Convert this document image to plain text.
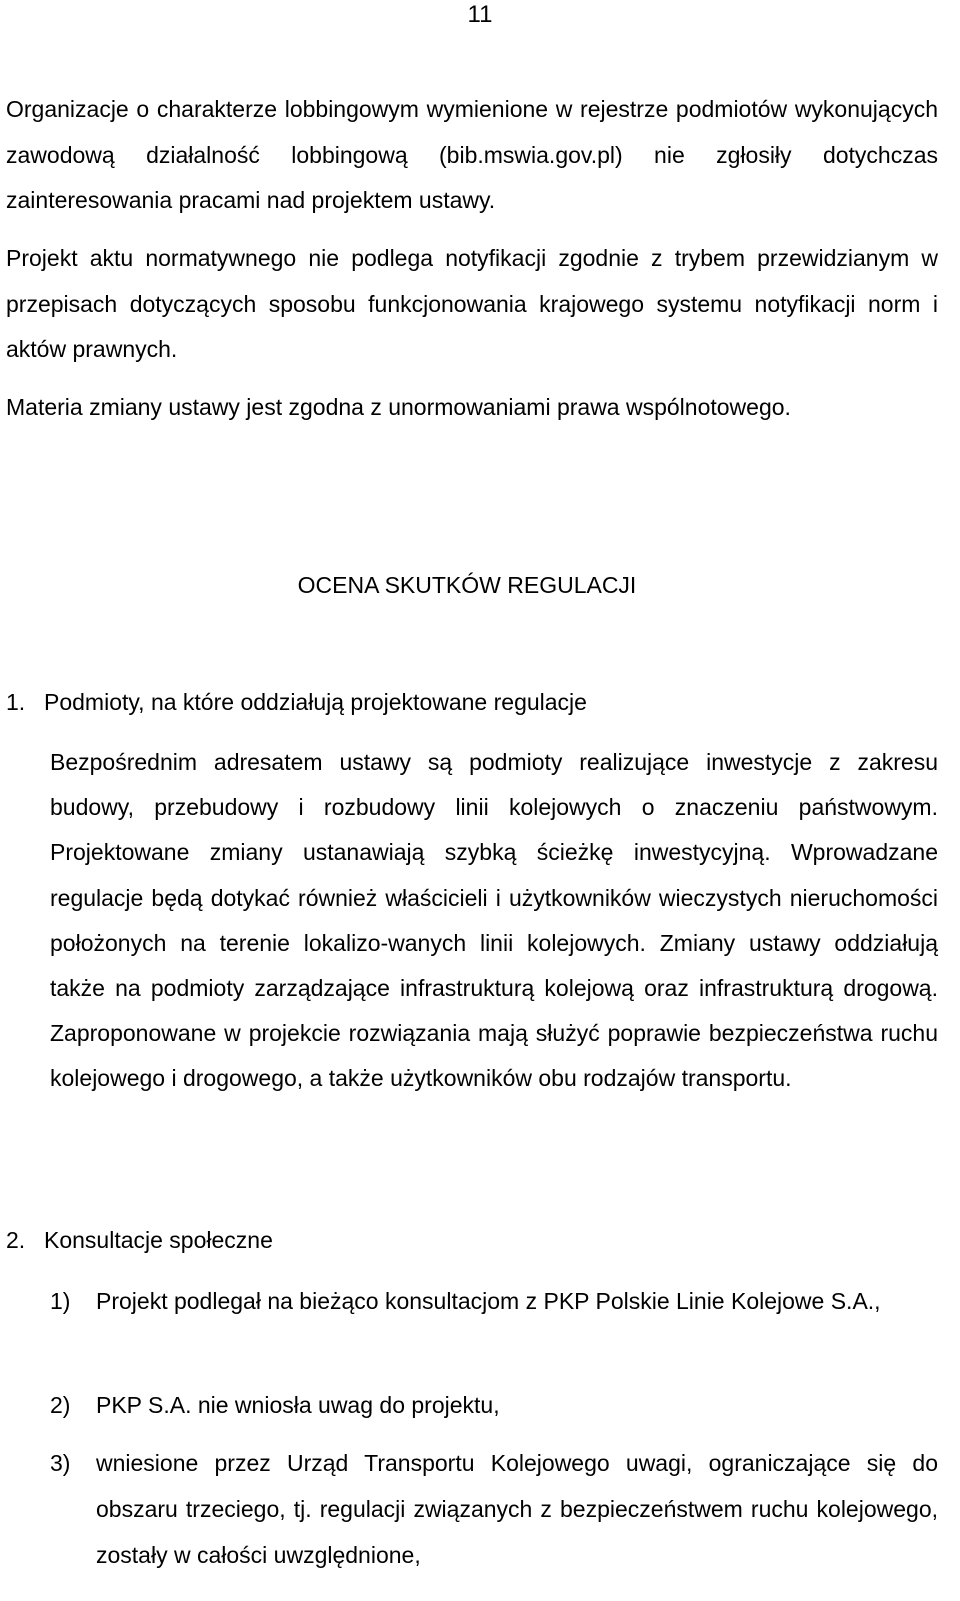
11

Organizacje o charakterze lobbingowym wymienione w rejestrze podmiotów wykonujących zawodową działalność lobbingową (bib.mswia.gov.pl) nie zgłosiły dotychczas zainteresowania pracami nad projektem ustawy.

Projekt aktu normatywnego nie podlega notyfikacji zgodnie z trybem przewidzianym w przepisach dotyczących sposobu funkcjonowania krajowego systemu notyfikacji norm i aktów prawnych.

Materia zmiany ustawy jest zgodna z unormowaniami prawa wspólnotowego.

OCENA SKUTKÓW REGULACJI
1. Podmioty, na które oddziałują projektowane regulacje

Bezpośrednim adresatem ustawy są podmioty realizujące inwestycje z zakresu budowy, przebudowy i rozbudowy linii kolejowych o znaczeniu państwowym. Projektowane zmiany ustanawiają szybką ścieżkę inwestycyjną. Wprowadzane regulacje będą dotykać również właścicieli i użytkowników wieczystych nieruchomości położonych na terenie lokalizo-wanych linii kolejowych. Zmiany ustawy oddziałują także na podmioty zarządzające infrastrukturą kolejową oraz infrastrukturą drogową. Zaproponowane w projekcie rozwiązania mają służyć poprawie bezpieczeństwa ruchu kolejowego i drogowego, a także użytkowników obu rodzajów transportu.

2. Konsultacje społeczne
1) Projekt podlegał na bieżąco konsultacjom z PKP Polskie Linie Kolejowe S.A.,
2) PKP S.A. nie wniosła uwag do projektu,
3) wniesione przez Urząd Transportu Kolejowego uwagi, ograniczające się do obszaru trzeciego, tj. regulacji związanych z bezpieczeństwem ruchu kolejowego, zostały w całości uwzględnione,
